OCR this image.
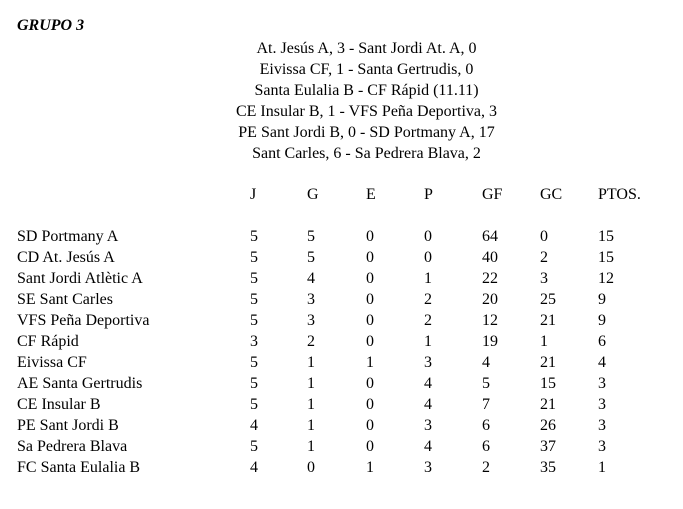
GRUPO 3
At. Jesús A, 3 - Sant Jordi At. A, 0
Eivissa CF, 1 - Santa Gertrudis, 0
Santa Eulalia B - CF Rápid (11.11)
CE Insular B, 1 - VFS Peña Deportiva, 3
PE Sant Jordi B, 0 - SD Portmany A, 17
Sant Carles, 6 - Sa Pedrera Blava, 2
	J	G	E	P	GF	GC	PTOS.

SD Portmany A	5	5	0	0	64	0	15
CD At. Jesús A	5	5	0	0	40	2	15
Sant Jordi Atlètic A	5	4	0	1	22	3	12
SE Sant Carles	5	3	0	2	20	25	9
VFS Peña Deportiva	5	3	0	2	12	21	9
CF Rápid	3	2	0	1	19	1	6
Eivissa CF	5	1	1	3	4	21	4
AE Santa Gertrudis	5	1	0	4	5	15	3
CE Insular B	5	1	0	4	7	21	3
PE Sant Jordi B	4	1	0	3	6	26	3
Sa Pedrera Blava	5	1	0	4	6	37	3
FC Santa Eulalia B	4	0	1	3	2	35	1
